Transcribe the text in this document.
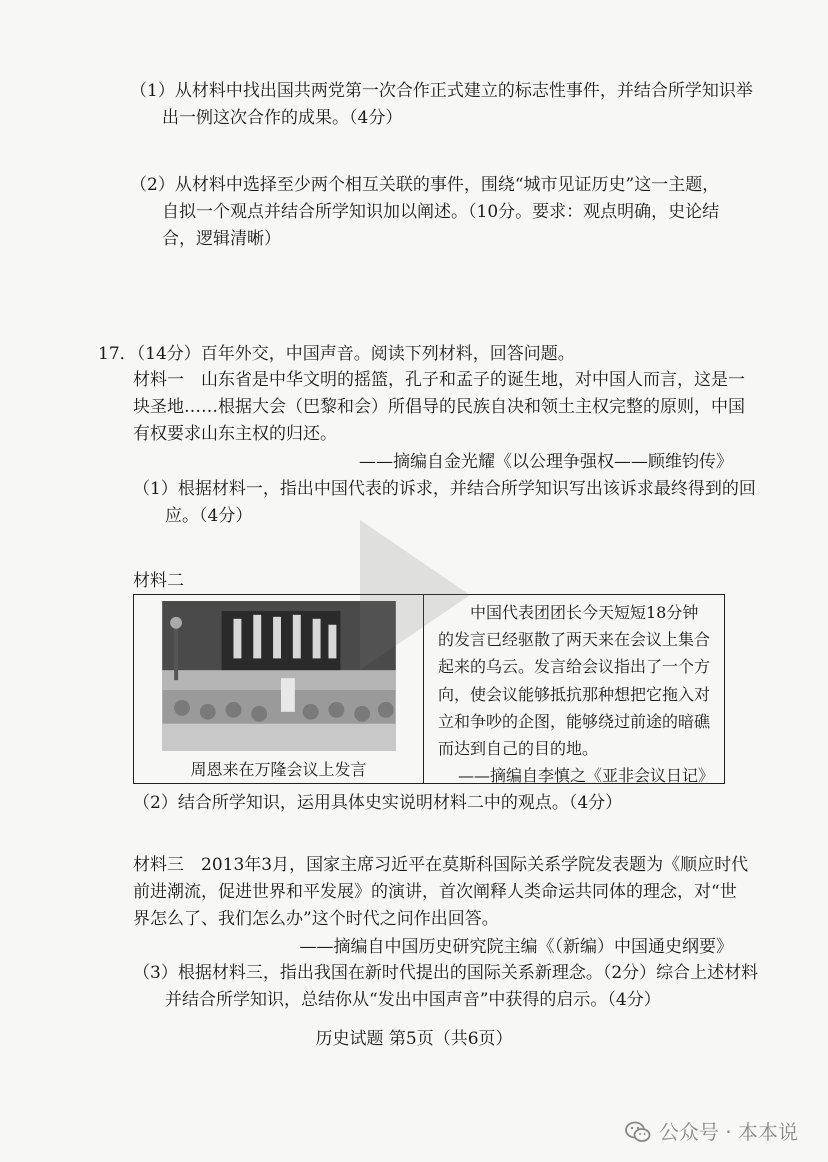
（1）从材料中找出国共两党第一次合作正式建立的标志性事件，并结合所学知识举
出一例这次合作的成果。（4分）
（2）从材料中选择至少两个相互关联的事件，围绕“城市见证历史”这一主题，
自拟一个观点并结合所学知识加以阐述。（10分。要求：观点明确，史论结
合，逻辑清晰）
17．（14分）百年外交，中国声音。阅读下列材料，回答问题。
材料一　山东省是中华文明的摇篮，孔子和孟子的诞生地，对中国人而言，这是一
块圣地……根据大会（巴黎和会）所倡导的民族自决和领土主权完整的原则，中国
有权要求山东主权的归还。
——摘编自金光耀《以公理争强权——顾维钧传》
（1）根据材料一，指出中国代表的诉求，并结合所学知识写出该诉求最终得到的回
应。（4分）
材料二
周恩来在万隆会议上发言
中国代表团团长今天短短18分钟
的发言已经驱散了两天来在会议上集合
起来的乌云。发言给会议指出了一个方
向，使会议能够抵抗那种想把它拖入对
立和争吵的企图，能够绕过前途的暗礁
而达到自己的目的地。
——摘编自李慎之《亚非会议日记》
（2）结合所学知识，运用具体史实说明材料二中的观点。（4分）
材料三　2013年3月，国家主席习近平在莫斯科国际关系学院发表题为《顺应时代
前进潮流，促进世界和平发展》的演讲，首次阐释人类命运共同体的理念，对“世
界怎么了、我们怎么办”这个时代之问作出回答。
——摘编自中国历史研究院主编《（新编）中国通史纲要》
（3）根据材料三，指出我国在新时代提出的国际关系新理念。（2分）综合上述材料
并结合所学知识，总结你从“发出中国声音”中获得的启示。（4分）
历史试题 第5页（共6页）
公众号 · 本本说
